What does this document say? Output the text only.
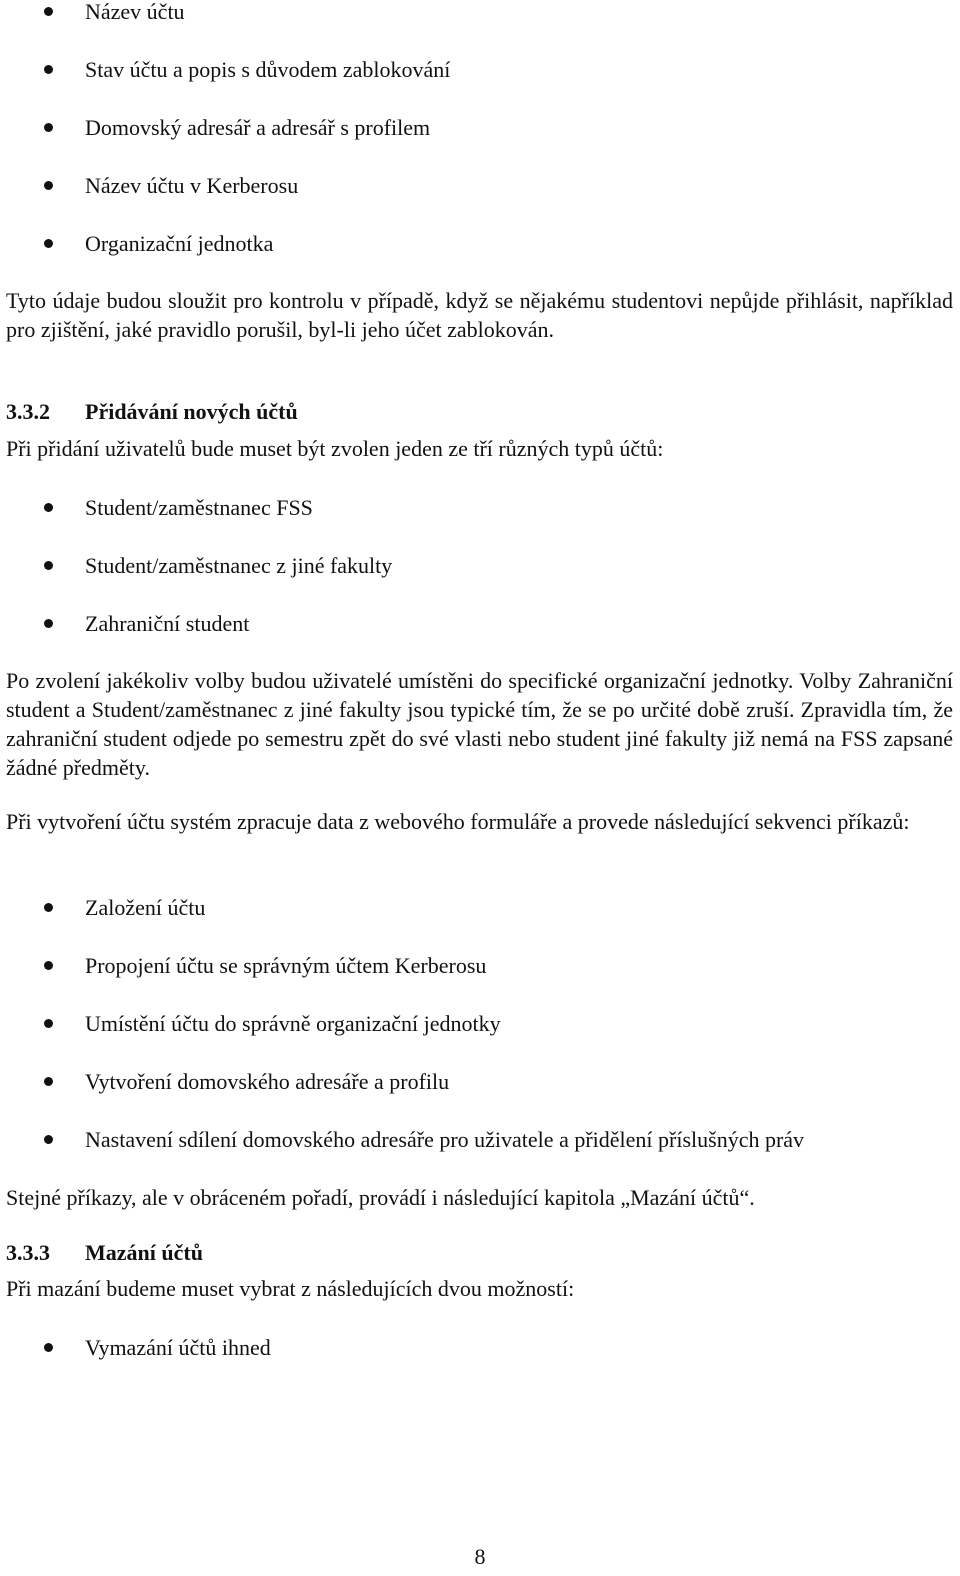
Název účtu
Stav účtu a popis s důvodem zablokování
Domovský adresář a adresář s profilem
Název účtu v Kerberosu
Organizační jednotka

Tyto údaje budou sloužit pro kontrolu v případě, když se nějakému studentovi nepůjde přihlásit, například pro zjištění, jaké pravidlo porušil, byl-li jeho účet zablokován.

3.3.2 Přidávání nových účtů

Při přidání uživatelů bude muset být zvolen jeden ze tří různých typů účtů:

Student/zaměstnanec FSS
Student/zaměstnanec z jiné fakulty
Zahraniční student

Po zvolení jakékoliv volby budou uživatelé umístěni do specifické organizační jednotky. Volby Zahraniční student a Student/zaměstnanec z jiné fakulty jsou typické tím, že se po určité době zruší. Zpravidla tím, že zahraniční student odjede po semestru zpět do své vlasti nebo student jiné fakulty již nemá na FSS zapsané žádné předměty.

Při vytvoření účtu systém zpracuje data z webového formuláře a provede následující sekvenci příkazů:

Založení účtu
Propojení účtu se správným účtem Kerberosu
Umístění účtu do správně organizační jednotky
Vytvoření domovského adresáře a profilu
Nastavení sdílení domovského adresáře pro uživatele a přidělení příslušných práv

Stejné příkazy, ale v obráceném pořadí, provádí i následující kapitola „Mazání účtů“.

3.3.3 Mazání účtů

Při mazání budeme muset vybrat z následujících dvou možností:

Vymazání účtů ihned
8
